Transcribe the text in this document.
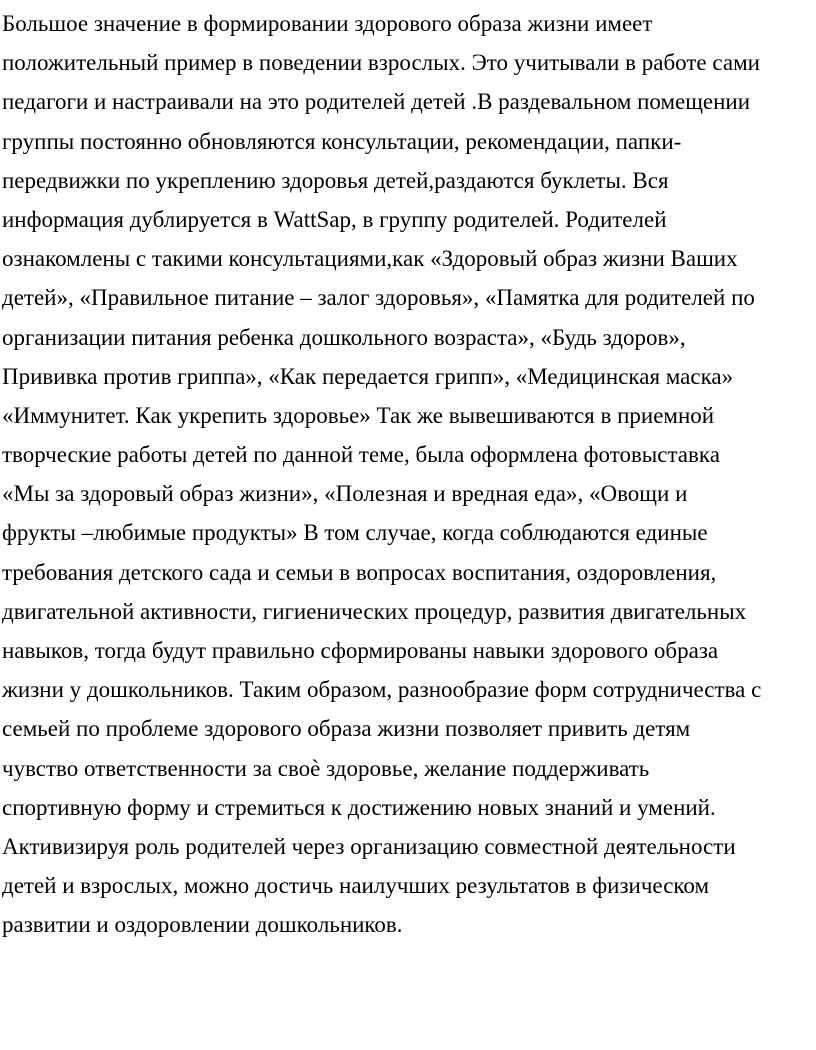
Большое значение в формировании здорового образа жизни имеет
положительный пример в поведении взрослых. Это учитывали в работе сами
педагоги и настраивали на это родителей детей .В раздевальном помещении
группы постоянно обновляются консультации, рекомендации, папки-
передвижки по укреплению здоровья детей,раздаются буклеты. Вся
информация дублируется в WattSap, в группу родителей. Родителей
ознакомлены с такими консультациями,как «Здоровый образ жизни Ваших
детей», «Правильное питание – залог здоровья», «Памятка для родителей по
организации питания ребенка дошкольного возраста», «Будь здоров»,
Прививка против гриппа», «Как передается грипп», «Медицинская маска»
«Иммунитет. Как укрепить здоровье» Так же вывешиваются в приемной
творческие работы детей по данной теме, была оформлена фотовыставка
«Мы за здоровый образ жизни», «Полезная и вредная еда», «Овощи и
фрукты –любимые продукты» В том случае, когда соблюдаются единые
требования детского сада и семьи в вопросах воспитания, оздоровления,
двигательной активности, гигиенических процедур, развития двигательных
навыков, тогда будут правильно сформированы навыки здорового образа
жизни у дошкольников. Таким образом, разнообразие форм сотрудничества с
семьей по проблеме здорового образа жизни позволяет привить детям
чувство ответственности за своѐ здоровье, желание поддерживать
спортивную форму и стремиться к достижению новых знаний и умений.
Активизируя роль родителей через организацию совместной деятельности
детей и взрослых, можно достичь наилучших результатов в физическом
развитии и оздоровлении дошкольников.
